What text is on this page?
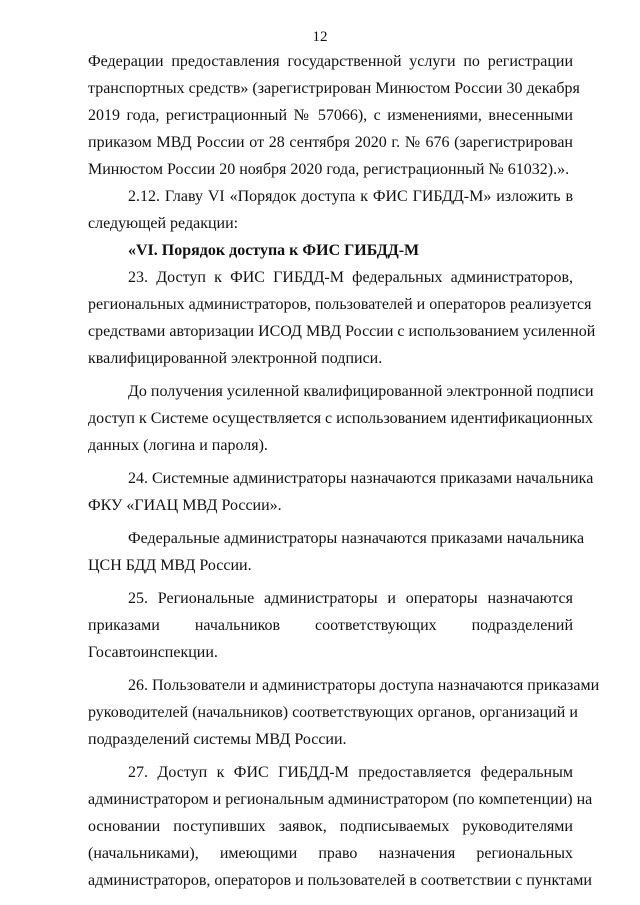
12
Федерации предоставления государственной услуги по регистрации
транспортных средств» (зарегистрирован Минюстом России 30 декабря
2019 года, регистрационный № 57066), с изменениями, внесенными
приказом МВД России от 28 сентября 2020 г. № 676 (зарегистрирован
Минюстом России 20 ноября 2020 года, регистрационный № 61032).».
2.12. Главу VI «Порядок доступа к ФИС ГИБДД-М» изложить в
следующей редакции:
«VI. Порядок доступа к ФИС ГИБДД-М
23. Доступ к ФИС ГИБДД-М федеральных администраторов,
региональных администраторов, пользователей и операторов реализуется
средствами авторизации ИСОД МВД России с использованием усиленной
квалифицированной электронной подписи.
До получения усиленной квалифицированной электронной подписи
доступ к Системе осуществляется с использованием идентификационных
данных (логина и пароля).
24. Системные администраторы назначаются приказами начальника
ФКУ «ГИАЦ МВД России».
Федеральные администраторы назначаются приказами начальника
ЦСН БДД МВД России.
25. Региональные администраторы и операторы назначаются
приказами начальников соответствующих подразделений
Госавтоинспекции.
26. Пользователи и администраторы доступа назначаются приказами
руководителей (начальников) соответствующих органов, организаций и
подразделений системы МВД России.
27. Доступ к ФИС ГИБДД-М предоставляется федеральным
администратором и региональным администратором (по компетенции) на
основании поступивших заявок, подписываемых руководителями
(начальниками), имеющими право назначения региональных
администраторов, операторов и пользователей в соответствии с пунктами
